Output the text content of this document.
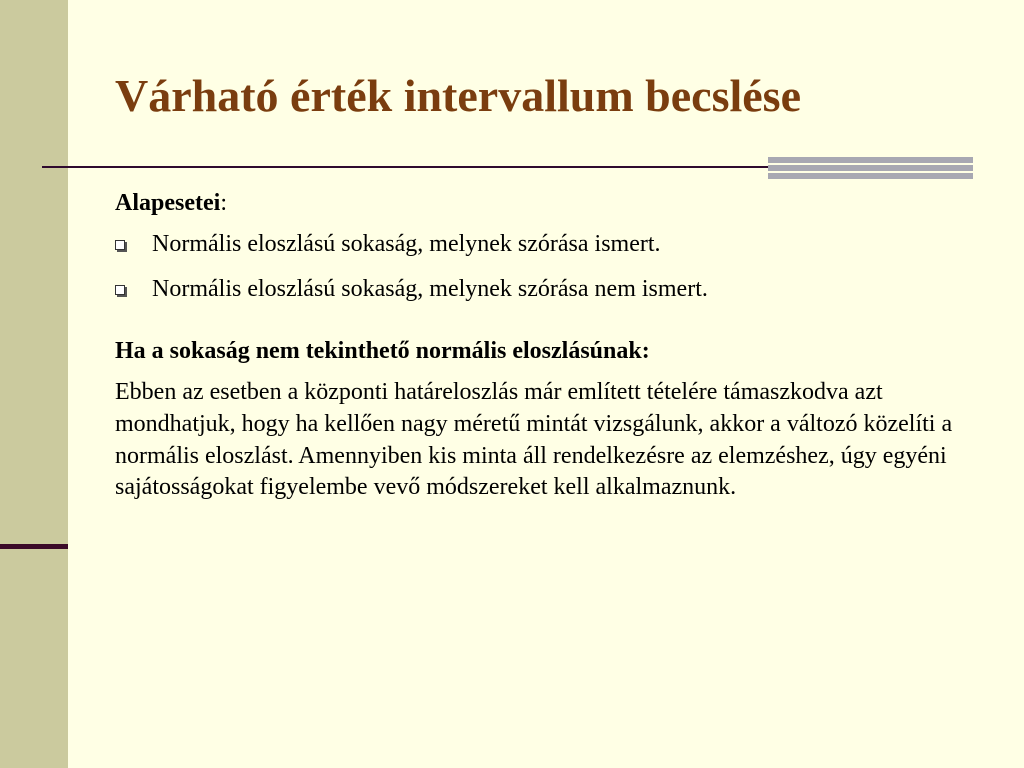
Várható érték intervallum becslése

Alapesetei:

Normális eloszlású sokaság, melynek szórása ismert.
Normális eloszlású sokaság, melynek szórása nem ismert.

Ha a sokaság nem tekinthető normális eloszlásúnak:

Ebben az esetben a központi határeloszlás már említett tételére támaszkodva azt mondhatjuk, hogy ha kellően nagy méretű mintát vizsgálunk, akkor a változó közelíti a normális eloszlást. Amennyiben kis minta áll rendelkezésre az elemzéshez, úgy egyéni sajátosságokat figyelembe vevő módszereket kell alkalmaznunk.
